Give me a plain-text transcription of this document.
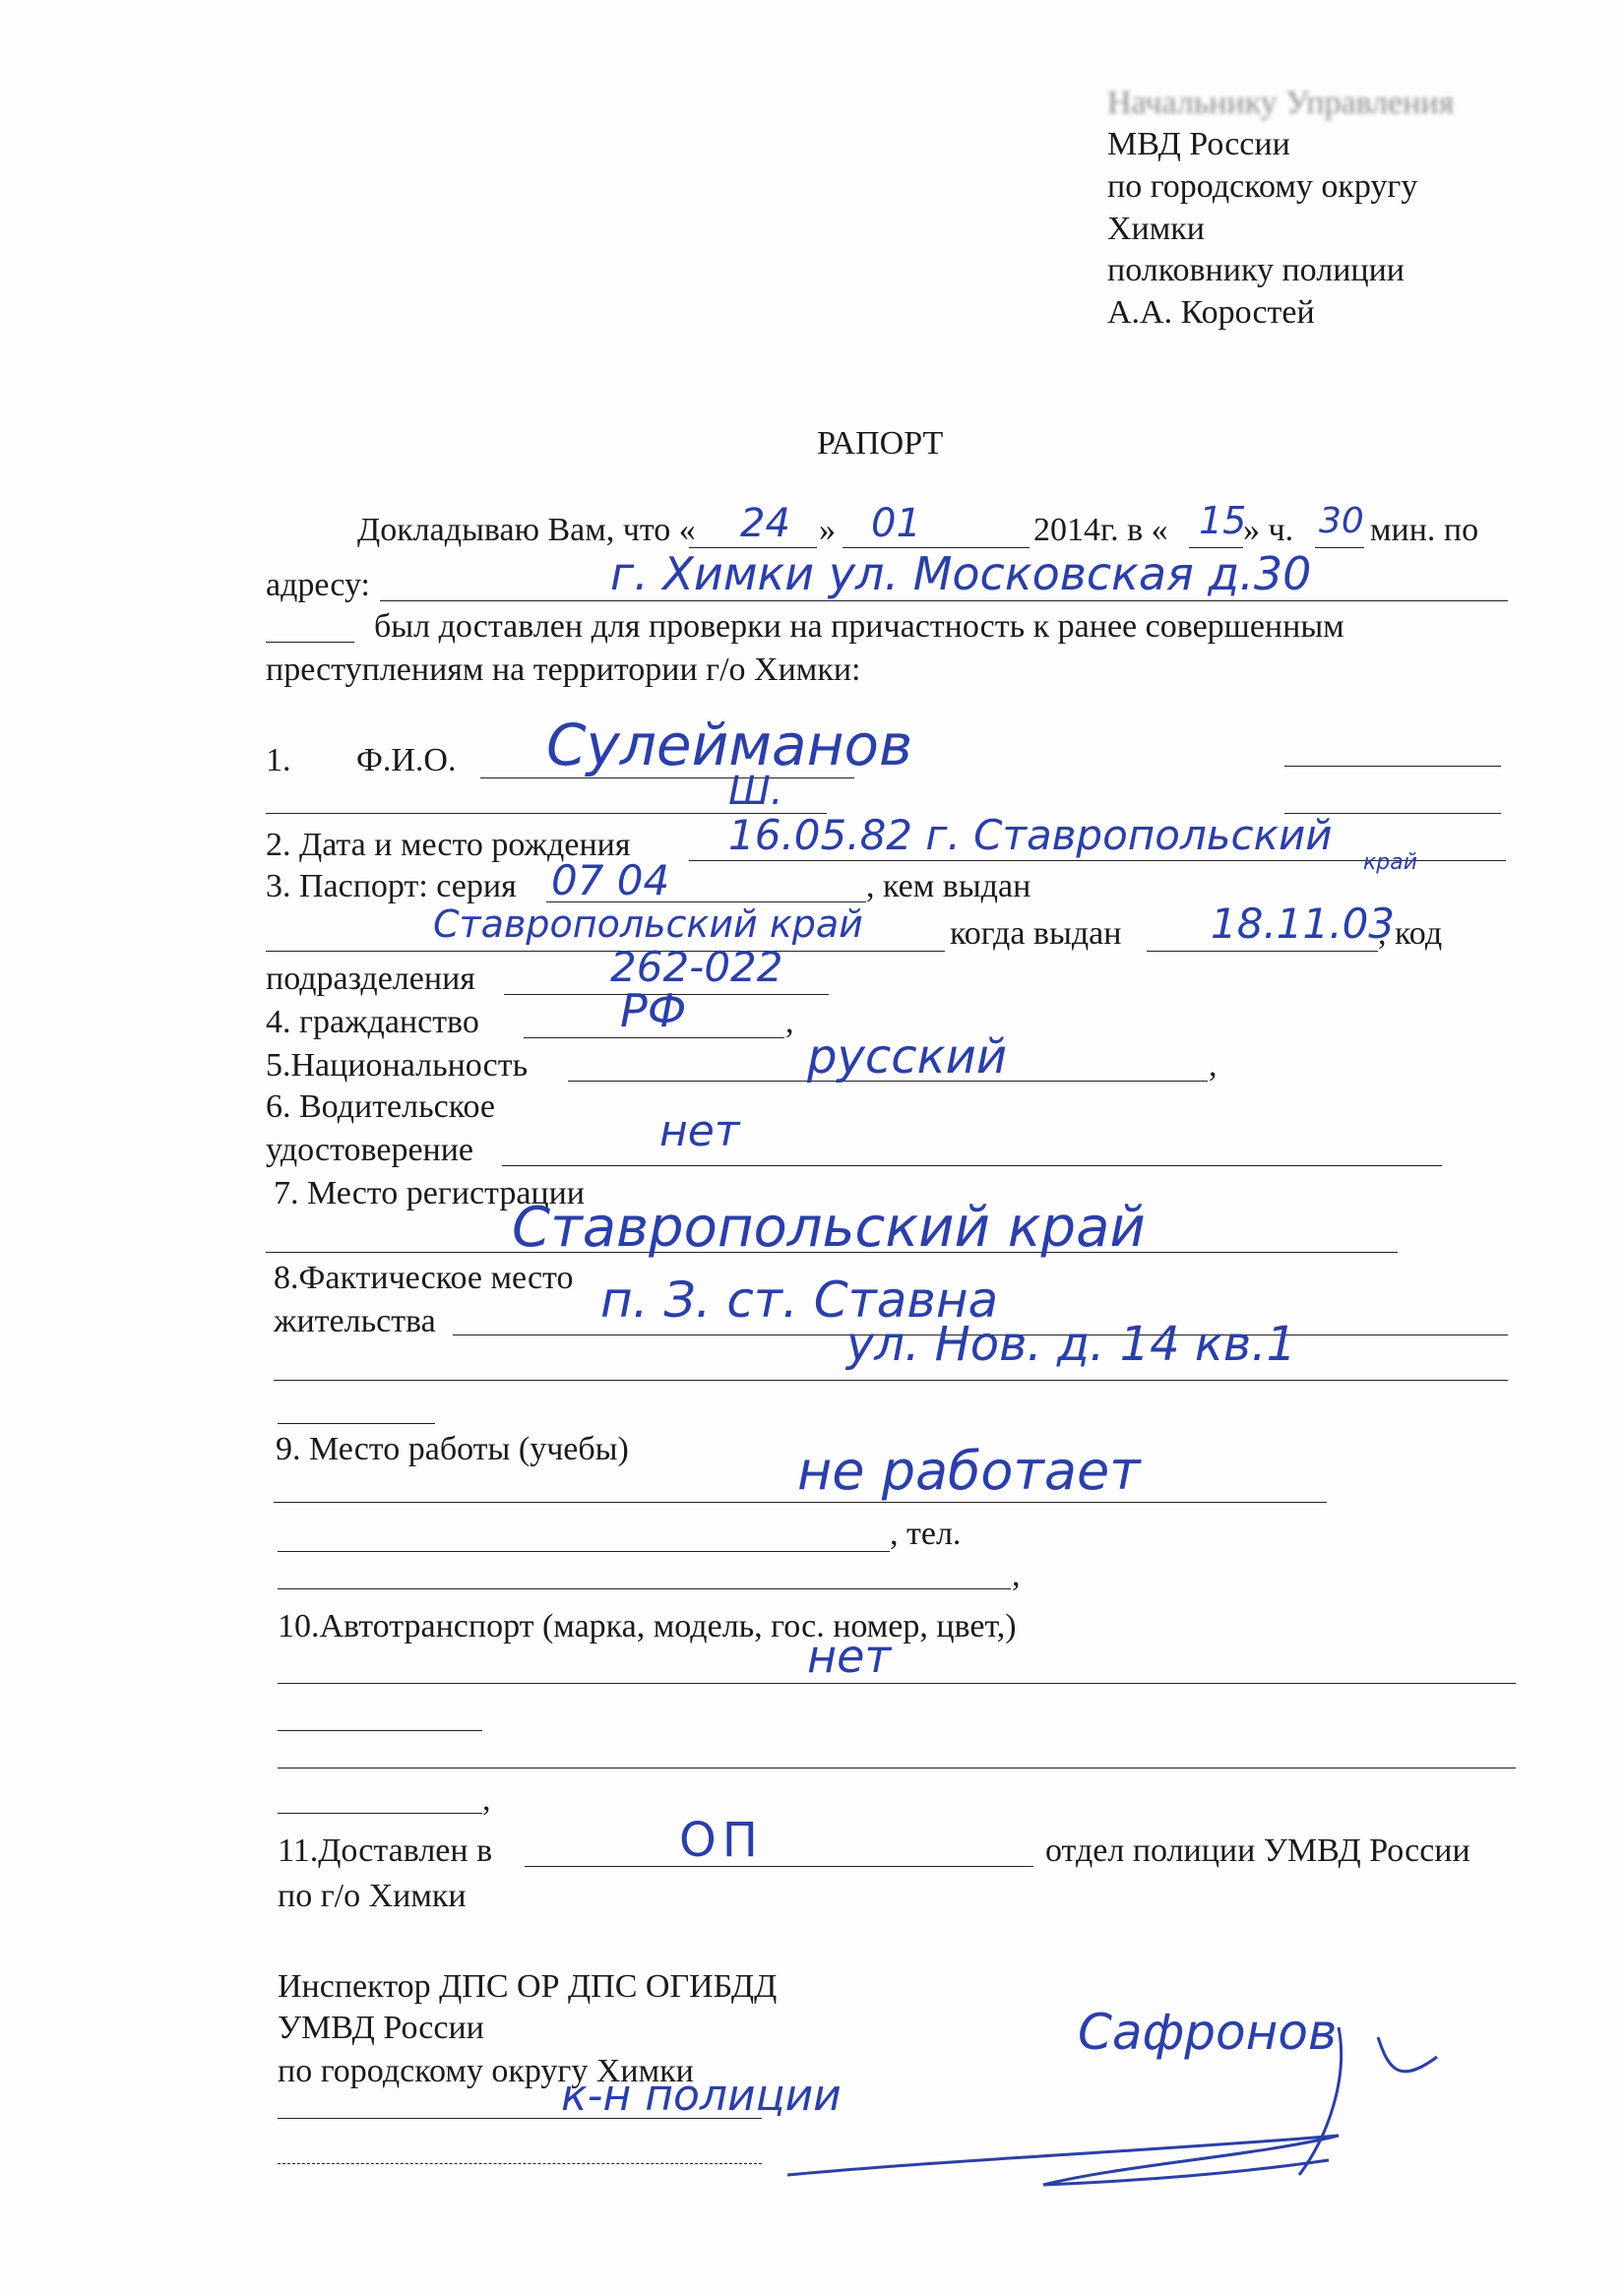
Начальнику Управления
МВД России
по городскому округу
Химки
полковнику полиции
А.А. Коростей
РАПОРТ
Докладываю Вам, что « 24 » 01	2014г. в « 15
» ч. 30 мин. по
адресу:	г. Химки ул. Московская д.30
был доставлен для проверки на причастность к ранее совершенным
преступлениям на территории г/о Химки:
1. Ф.И.О. Сулейманов
Ш.
2. Дата и место рождения 16.05.82 г. Ставропольский
край
3. Паспорт: серия 07 04	, кем выдан
Ставропольский край	когда выдан 18.11.03
, код
подразделения	262-022
4. гражданство	РФ	,
5.Национальность	русский	,
6. Водительское
удостоверение	нет
7. Место регистрации
Ставропольский край
8.Фактическое место
жительства	п. З. ст. Ставна
ул. Нов. д. 14 кв.1
9. Место работы (учебы)	не работает
, тел.
,
10.Автотранспорт (марка, модель, гос. номер, цвет,)
нет
,
11.Доставлен в	ОП	отдел полиции УМВД России
по г/о Химки
Инспектор ДПС ОР ДПС ОГИБДД
УМВД России
по городскому округу Химки
к-н полиции
Сафронов
